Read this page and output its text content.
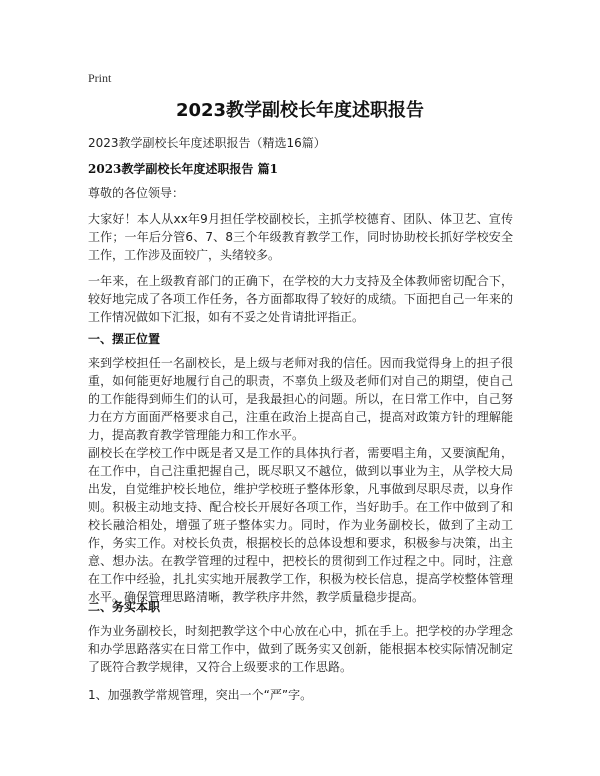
Print
2023教学副校长年度述职报告
2023教学副校长年度述职报告（精选16篇）
2023教学副校长年度述职报告 篇1
尊敬的各位领导：
大家好！本人从xx年9月担任学校副校长，主抓学校德育、团队、体卫艺、宣传工作；一年后分管6、7、8三个年级教育教学工作，同时协助校长抓好学校安全工作，工作涉及面较广，头绪较多。
一年来，在上级教育部门的正确下，在学校的大力支持及全体教师密切配合下，较好地完成了各项工作任务，各方面都取得了较好的成绩。下面把自己一年来的工作情况做如下汇报，如有不妥之处肯请批评指正。
一、摆正位置
来到学校担任一名副校长，是上级与老师对我的信任。因而我觉得身上的担子很重，如何能更好地履行自己的职责，不辜负上级及老师们对自己的期望，使自己的工作能得到师生们的认可，是我最担心的问题。所以，在日常工作中，自己努力在方方面面严格要求自己，注重在政治上提高自己，提高对政策方针的理解能力，提高教育教学管理能力和工作水平。
副校长在学校工作中既是者又是工作的具体执行者，需要唱主角，又要演配角，在工作中，自己注重把握自己，既尽职又不越位，做到以事业为主，从学校大局出发，自觉维护校长地位，维护学校班子整体形象，凡事做到尽职尽责，以身作则。积极主动地支持、配合校长开展好各项工作，当好助手。在工作中做到了和校长融洽相处，增强了班子整体实力。同时，作为业务副校长，做到了主动工作，务实工作。对校长负责，根据校长的总体设想和要求，积极参与决策，出主意、想办法。在教学管理的过程中，把校长的贯彻到工作过程之中。同时，注意在工作中经验，扎扎实实地开展教学工作，积极为校长信息，提高学校整体管理水平。确保管理思路清晰，教学秩序井然，教学质量稳步提高。
二、务实本职
作为业务副校长，时刻把教学这个中心放在心中，抓在手上。把学校的办学理念和办学思路落实在日常工作中，做到了既务实又创新，能根据本校实际情况制定了既符合教学规律，又符合上级要求的工作思路。
1、加强教学常规管理，突出一个“严”字。
